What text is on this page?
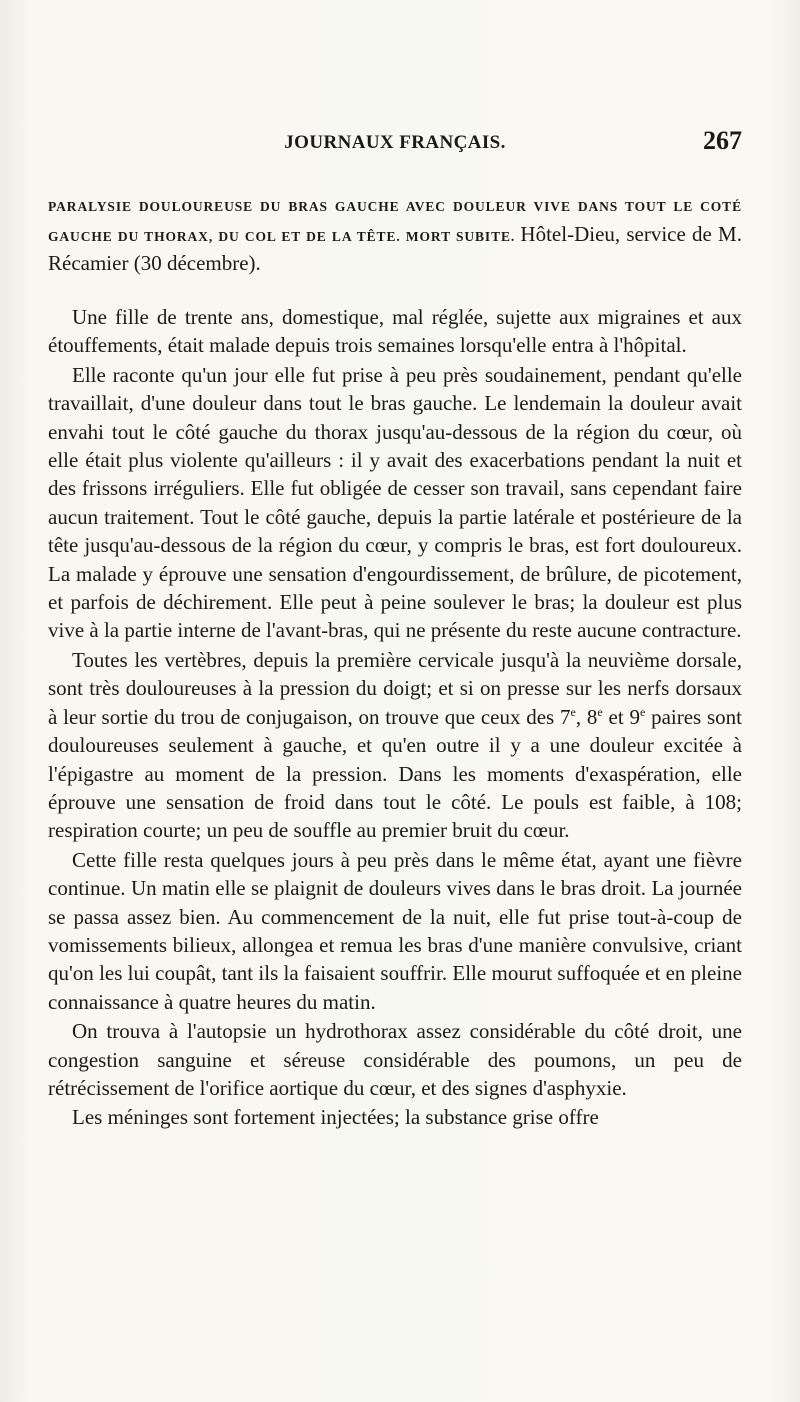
JOURNAUX FRANÇAIS.	267
PARALYSIE DOULOUREUSE DU BRAS GAUCHE AVEC DOULEUR VIVE DANS TOUT LE COTÉ GAUCHE DU THORAX, DU COL ET DE LA TÊTE. MORT SUBITE. Hôtel-Dieu, service de M. Récamier (30 décembre).

Une fille de trente ans, domestique, mal réglée, sujette aux migraines et aux étouffements, était malade depuis trois semaines lorsqu'elle entra à l'hôpital.

Elle raconte qu'un jour elle fut prise à peu près soudainement, pendant qu'elle travaillait, d'une douleur dans tout le bras gauche. Le lendemain la douleur avait envahi tout le côté gauche du thorax jusqu'au-dessous de la région du cœur, où elle était plus violente qu'ailleurs : il y avait des exacerbations pendant la nuit et des frissons irréguliers. Elle fut obligée de cesser son travail, sans cependant faire aucun traitement. Tout le côté gauche, depuis la partie latérale et postérieure de la tête jusqu'au-dessous de la région du cœur, y compris le bras, est fort douloureux. La malade y éprouve une sensation d'engourdissement, de brûlure, de picotement, et parfois de déchirement. Elle peut à peine soulever le bras; la douleur est plus vive à la partie interne de l'avant-bras, qui ne présente du reste aucune contracture.

Toutes les vertèbres, depuis la première cervicale jusqu'à la neuvième dorsale, sont très douloureuses à la pression du doigt; et si on presse sur les nerfs dorsaux à leur sortie du trou de conjugaison, on trouve que ceux des 7e, 8e et 9e paires sont douloureuses seulement à gauche, et qu'en outre il y a une douleur excitée à l'épigastre au moment de la pression. Dans les moments d'exaspération, elle éprouve une sensation de froid dans tout le côté. Le pouls est faible, à 108; respiration courte; un peu de souffle au premier bruit du cœur.

Cette fille resta quelques jours à peu près dans le même état, ayant une fièvre continue. Un matin elle se plaignit de douleurs vives dans le bras droit. La journée se passa assez bien. Au commencement de la nuit, elle fut prise tout-à-coup de vomissements bilieux, allongea et remua les bras d'une manière convulsive, criant qu'on les lui coupât, tant ils la faisaient souffrir. Elle mourut suffoquée et en pleine connaissance à quatre heures du matin.

On trouva à l'autopsie un hydrothorax assez considérable du côté droit, une congestion sanguine et séreuse considérable des poumons, un peu de rétrécissement de l'orifice aortique du cœur, et des signes d'asphyxie.

Les méninges sont fortement injectées; la substance grise offre
